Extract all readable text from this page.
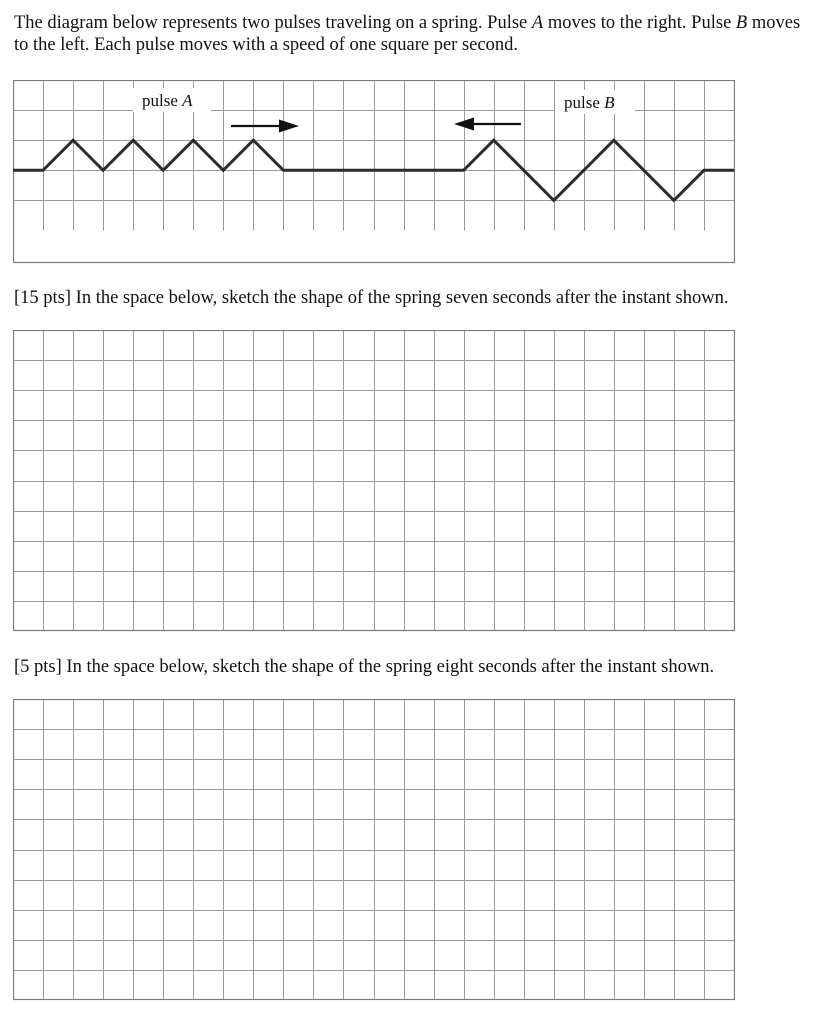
The diagram below represents two pulses traveling on a spring. Pulse A moves to the right. Pulse B moves to the left. Each pulse moves with a speed of one square per second.

pulse A	pulse B

[15 pts] In the space below, sketch the shape of the spring seven seconds after the instant shown.

[5 pts] In the space below, sketch the shape of the spring eight seconds after the instant shown.
